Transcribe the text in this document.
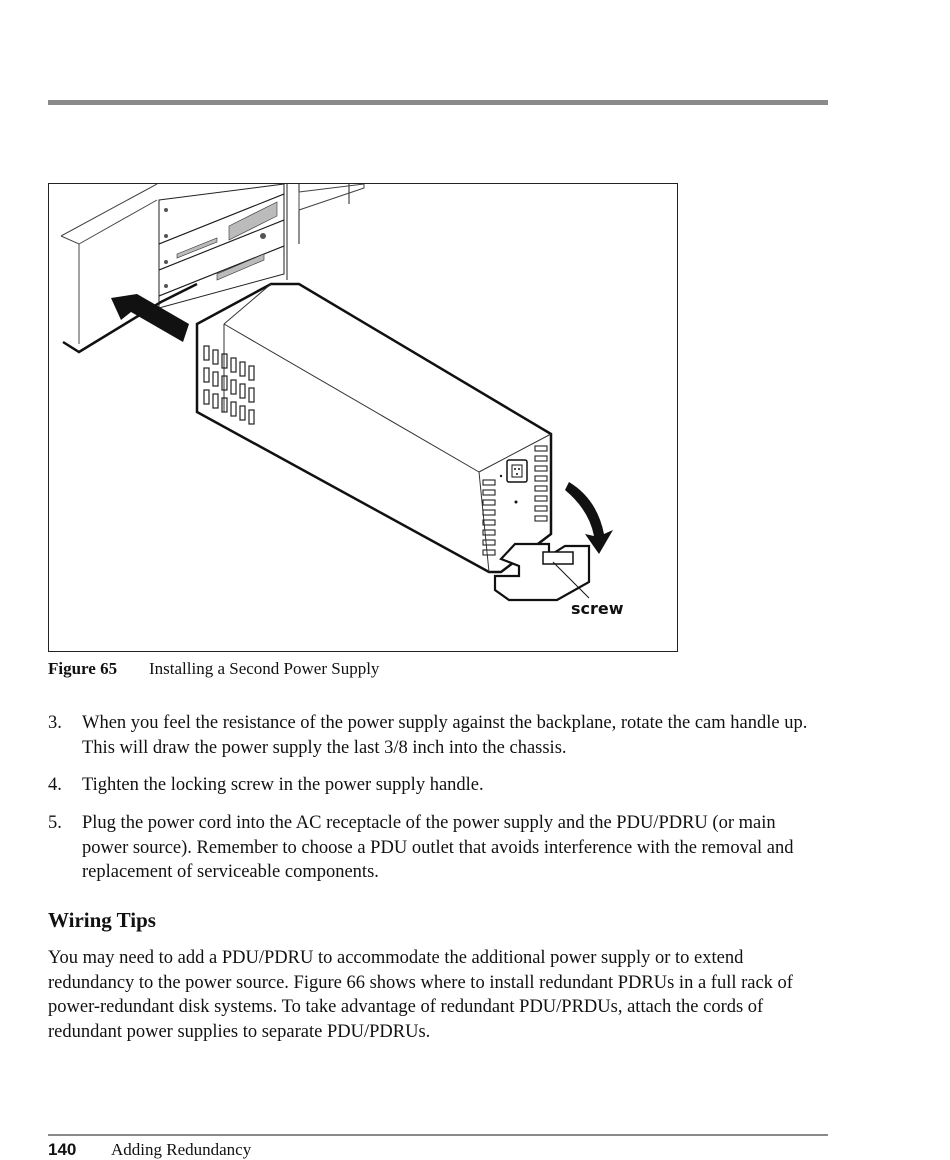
screw
Figure 65 Installing a Second Power Supply
3. When you feel the resistance of the power supply against the backplane, rotate the cam handle up. This will draw the power supply the last 3/8 inch into the chassis.
4. Tighten the locking screw in the power supply handle.
5. Plug the power cord into the AC receptacle of the power supply and the PDU/PDRU (or main power source). Remember to choose a PDU outlet that avoids interference with the removal and replacement of serviceable components.
Wiring Tips
You may need to add a PDU/PDRU to accommodate the additional power supply or to extend redundancy to the power source. Figure 66 shows where to install redundant PDRUs in a full rack of power-redundant disk systems. To take advantage of redundant PDU/PRDUs, attach the cords of redundant power supplies to separate PDU/PDRUs.
140 Adding Redundancy
